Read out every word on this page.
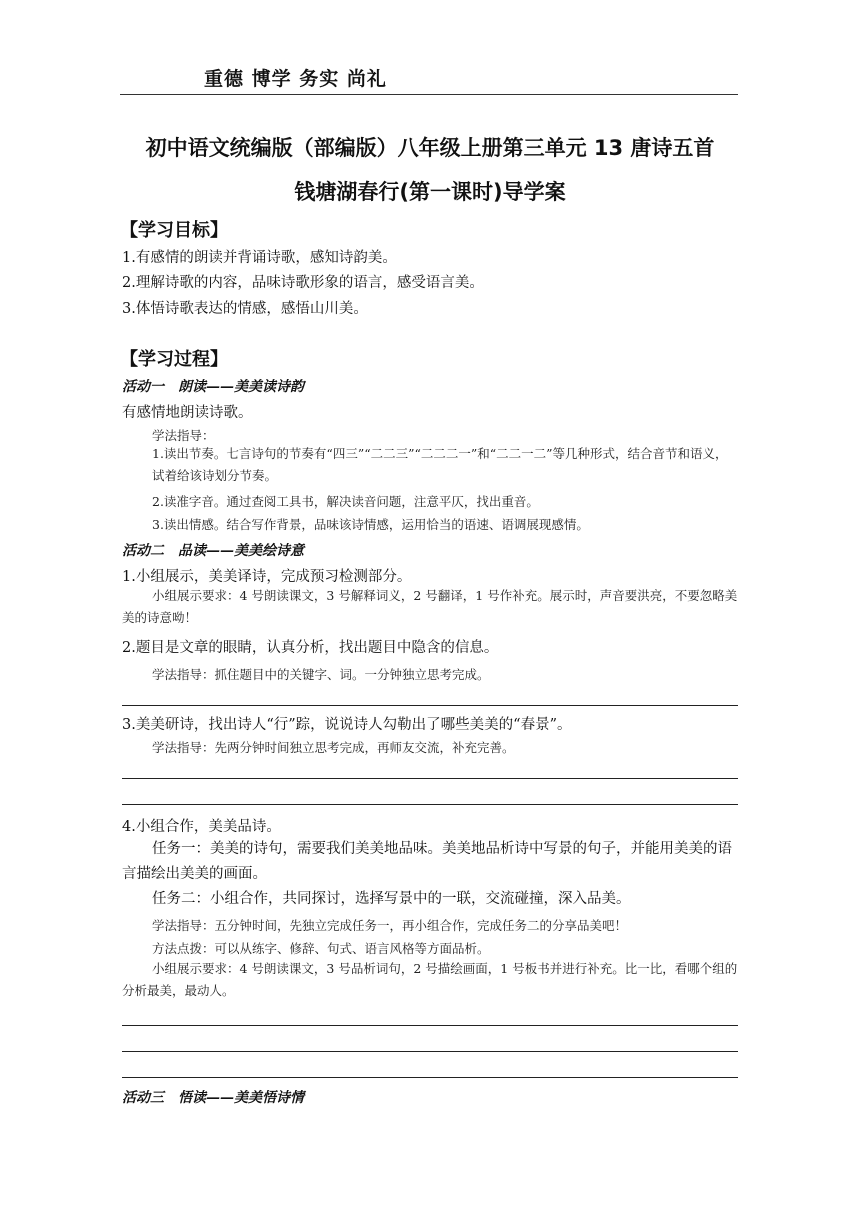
重德 博学 务实 尚礼
初中语文统编版（部编版）八年级上册第三单元 13 唐诗五首
钱塘湖春行(第一课时)导学案
【学习目标】
1.有感情的朗读并背诵诗歌，感知诗韵美。
2.理解诗歌的内容，品味诗歌形象的语言，感受语言美。
3.体悟诗歌表达的情感，感悟山川美。
【学习过程】
活动一　朗读——美美读诗韵
有感情地朗读诗歌。
学法指导：
1.读出节奏。七言诗句的节奏有“四三”“二二三”“二二二一”和“二二一二”等几种形式，结合音节和语义，试着给该诗划分节奏。
2.读准字音。通过查阅工具书，解决读音问题，注意平仄，找出重音。
3.读出情感。结合写作背景，品味该诗情感，运用恰当的语速、语调展现感情。
活动二　品读——美美绘诗意
1.小组展示，美美译诗，完成预习检测部分。
小组展示要求：4 号朗读课文，3 号解释词义，2 号翻译，1 号作补充。展示时，声音要洪亮，不要忽略美美的诗意呦！
2.题目是文章的眼睛，认真分析，找出题目中隐含的信息。
学法指导：抓住题目中的关键字、词。一分钟独立思考完成。
3.美美研诗，找出诗人“行”踪，说说诗人勾勒出了哪些美美的“春景”。
学法指导：先两分钟时间独立思考完成，再师友交流，补充完善。
4.小组合作，美美品诗。
任务一：美美的诗句，需要我们美美地品味。美美地品析诗中写景的句子，并能用美美的语言描绘出美美的画面。
任务二：小组合作，共同探讨，选择写景中的一联，交流碰撞，深入品美。
学法指导：五分钟时间，先独立完成任务一，再小组合作，完成任务二的分享品美吧！
方法点拨：可以从练字、修辞、句式、语言风格等方面品析。
小组展示要求：4 号朗读课文，3 号品析词句，2 号描绘画面，1 号板书并进行补充。比一比，看哪个组的分析最美，最动人。
活动三　悟读——美美悟诗情
